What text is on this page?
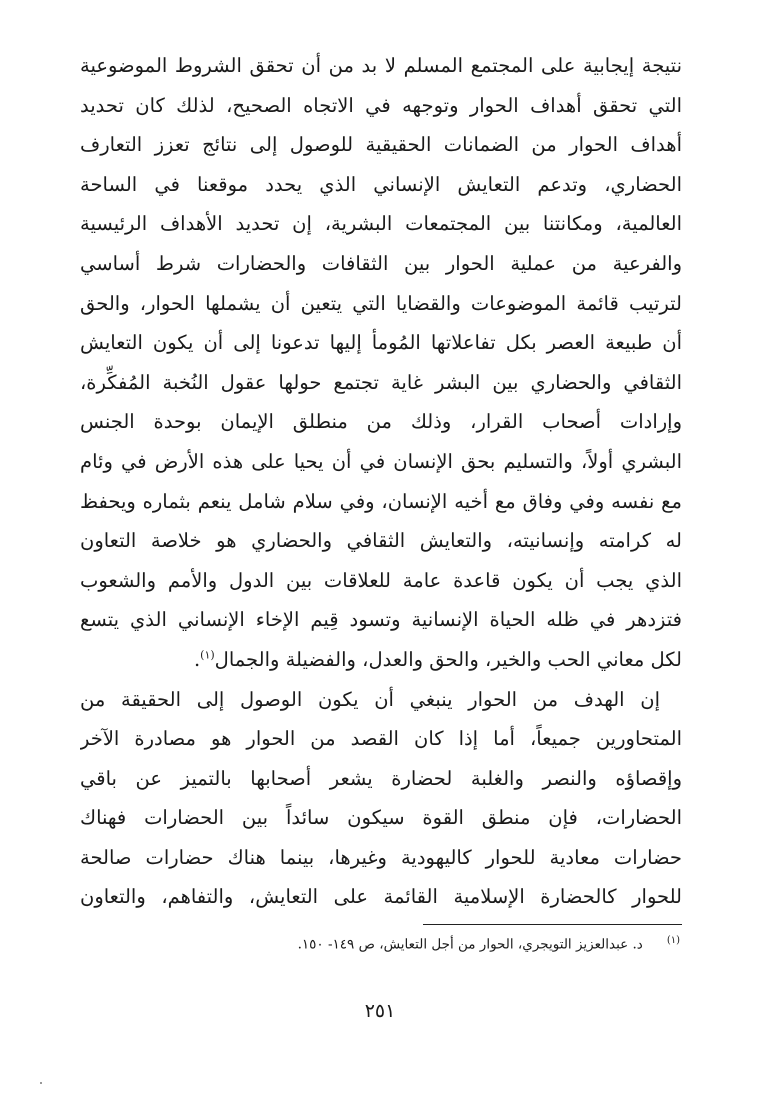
نتيجة إيجابية على المجتمع المسلم لا بد من أن تحقق الشروط الموضوعية
التي تحقق أهداف الحوار وتوجهه في الاتجاه الصحيح، لذلك كان تحديد
أهداف الحوار من الضمانات الحقيقية للوصول إلى نتائج تعزز التعارف
الحضاري، وتدعم التعايش الإنساني الذي يحدد موقعنا في الساحة
العالمية، ومكانتنا بين المجتمعات البشرية، إن تحديد الأهداف الرئيسية
والفرعية من عملية الحوار بين الثقافات والحضارات شرط أساسي
لترتيب قائمة الموضوعات والقضايا التي يتعين أن يشملها الحوار، والحق
أن طبيعة العصر بكل تفاعلاتها المُومأ إليها تدعونا إلى أن يكون التعايش
الثقافي والحضاري بين البشر غاية تجتمع حولها عقول النُخبة المُفكِّرة،
وإرادات أصحاب القرار، وذلك من منطلق الإيمان بوحدة الجنس
البشري أولاً، والتسليم بحق الإنسان في أن يحيا على هذه الأرض في وئام
مع نفسه وفي وفاق مع أخيه الإنسان، وفي سلام شامل ينعم بثماره ويحفظ
له كرامته وإنسانيته، والتعايش الثقافي والحضاري هو خلاصة التعاون
الذي يجب أن يكون قاعدة عامة للعلاقات بين الدول والأمم والشعوب
فتزدهر في ظله الحياة الإنسانية وتسود قِيم الإخاء الإنساني الذي يتسع
لكل معاني الحب والخير، والحق والعدل، والفضيلة والجمال$^{(١)}$.
إن الهدف من الحوار ينبغي أن يكون الوصول إلى الحقيقة من
المتحاورين جميعاً، أما إذا كان القصد من الحوار هو مصادرة الآخر
وإقصاؤه والنصر والغلبة لحضارة يشعر أصحابها بالتميز عن باقي
الحضارات، فإن منطق القوة سيكون سائداً بين الحضارات فهناك
حضارات معادية للحوار كاليهودية وغيرها، بينما هناك حضارات صالحة
للحوار كالحضارة الإسلامية القائمة على التعايش، والتفاهم، والتعاون
$^{(١)}$د. عبدالعزيز التويجري، الحوار من أجل التعايش، ص ١٤٩- ١٥٠.
٢٥١
